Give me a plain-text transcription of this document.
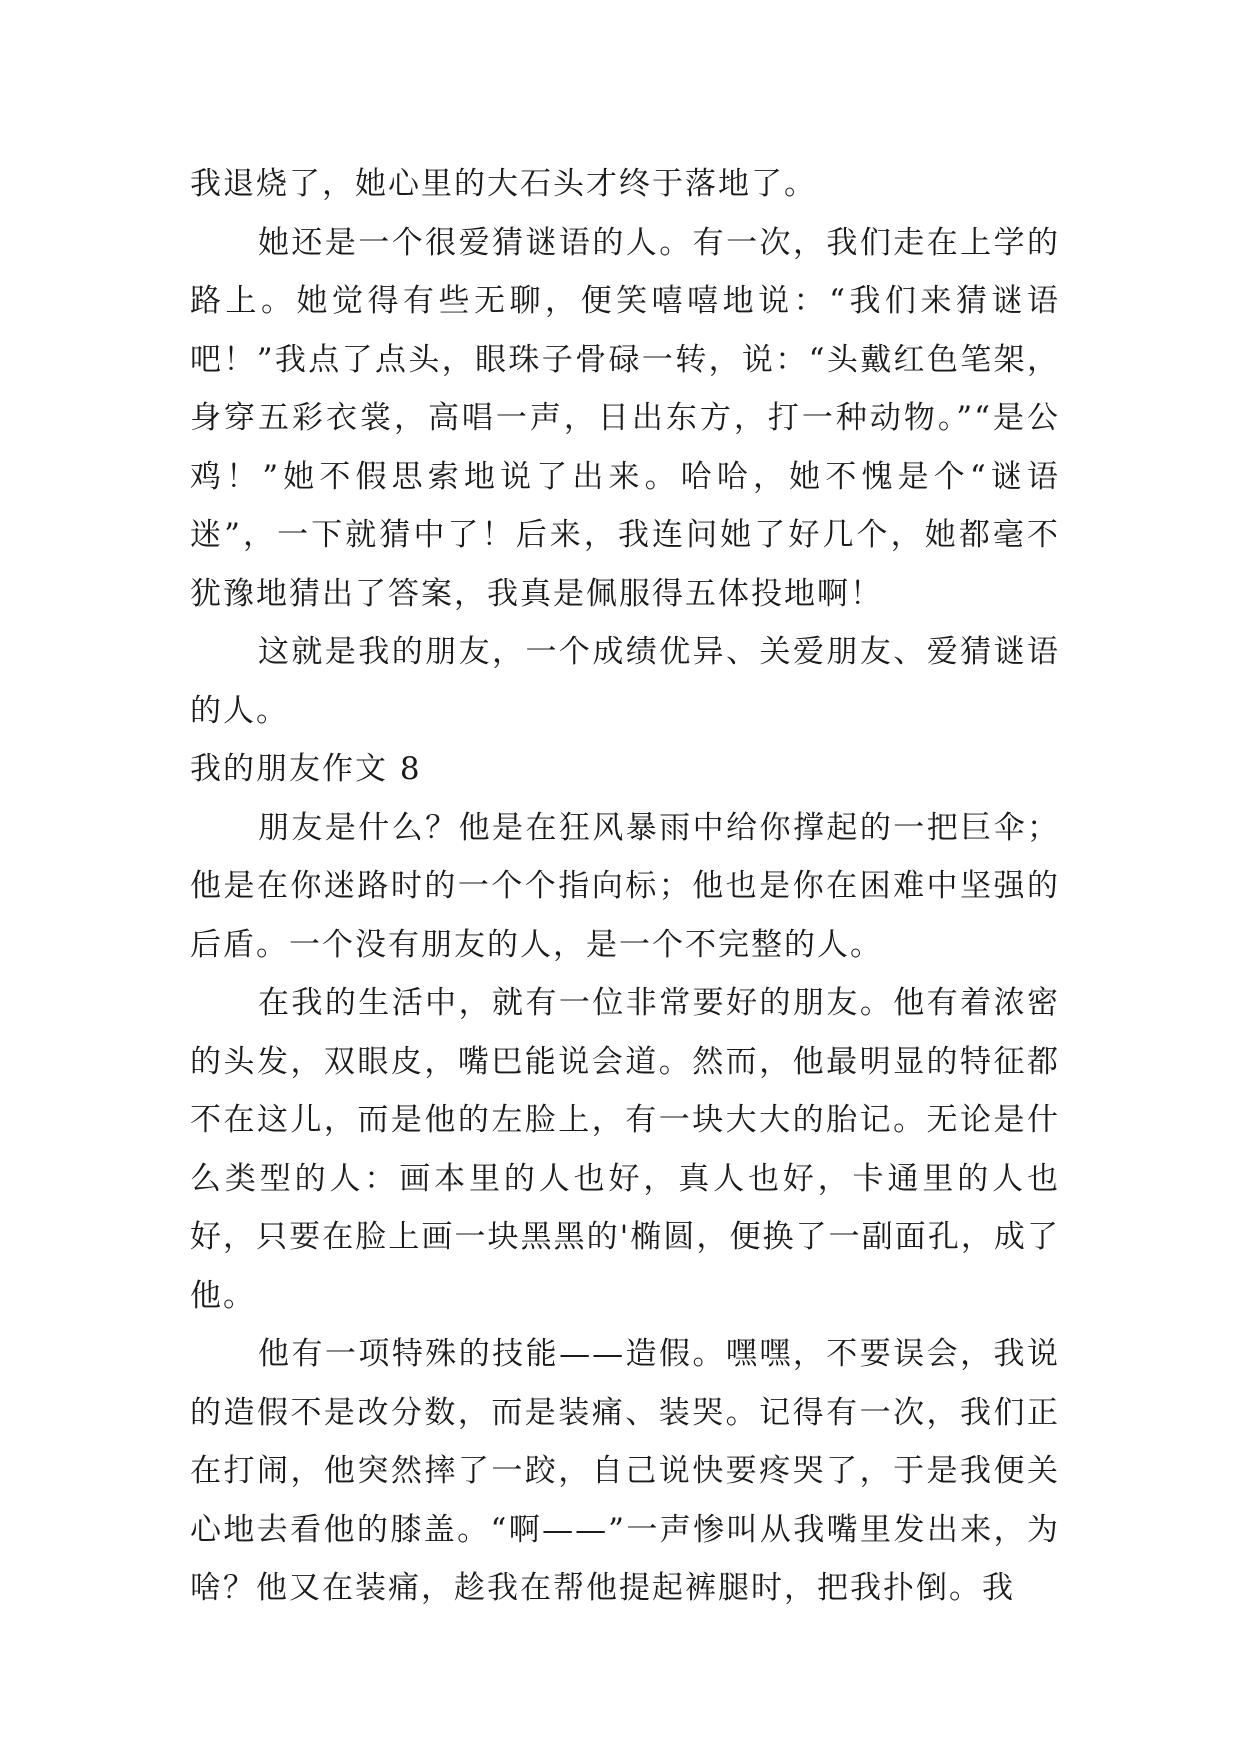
我退烧了，她心里的大石头才终于落地了。

她还是一个很爱猜谜语的人。有一次，我们走在上学的路上。她觉得有些无聊，便笑嘻嘻地说：“我们来猜谜语吧！”我点了点头，眼珠子骨碌一转，说：“头戴红色笔架，身穿五彩衣裳，高唱一声，日出东方，打一种动物。”“是公鸡！”她不假思索地说了出来。哈哈，她不愧是个“谜语迷”，一下就猜中了！后来，我连问她了好几个，她都毫不犹豫地猜出了答案，我真是佩服得五体投地啊！

这就是我的朋友，一个成绩优异、关爱朋友、爱猜谜语的人。

我的朋友作文 8

朋友是什么？他是在狂风暴雨中给你撑起的一把巨伞；他是在你迷路时的一个个指向标；他也是你在困难中坚强的后盾。一个没有朋友的人，是一个不完整的人。

在我的生活中，就有一位非常要好的朋友。他有着浓密的头发，双眼皮，嘴巴能说会道。然而，他最明显的特征都不在这儿，而是他的左脸上，有一块大大的胎记。无论是什么类型的人：画本里的人也好，真人也好，卡通里的人也好，只要在脸上画一块黑黑的'椭圆，便换了一副面孔，成了他。

他有一项特殊的技能——造假。嘿嘿，不要误会，我说的造假不是改分数，而是装痛、装哭。记得有一次，我们正在打闹，他突然摔了一跤，自己说快要疼哭了，于是我便关心地去看他的膝盖。“啊——”一声惨叫从我嘴里发出来，为啥？他又在装痛，趁我在帮他提起裤腿时，把我扑倒。我
